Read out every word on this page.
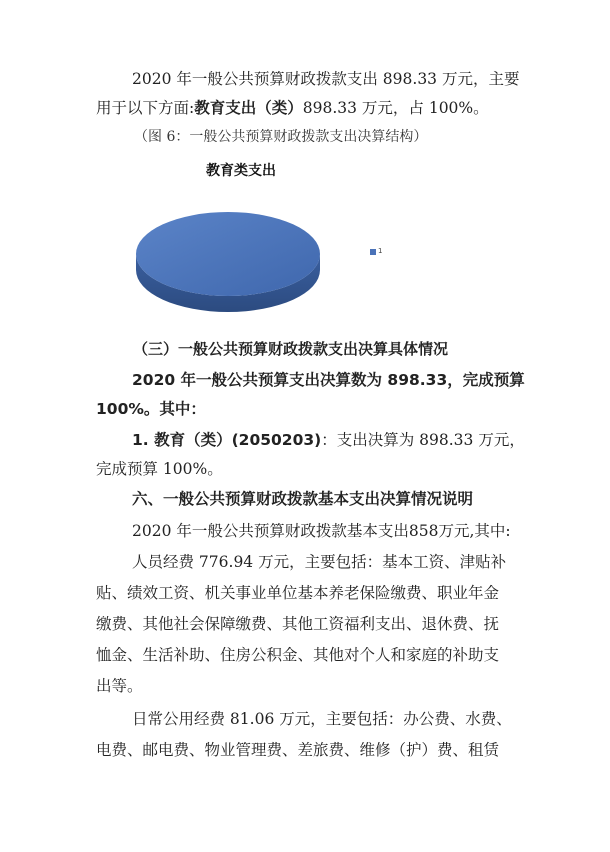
2020 年一般公共预算财政拨款支出 898.33 万元，主要
用于以下方面:教育支出（类）898.33 万元，占 100%。
（图 6：一般公共预算财政拨款支出决算结构）
教育类支出
1
（三）一般公共预算财政拨款支出决算具体情况
2020 年一般公共预算支出决算数为 898.33，完成预算
100%。其中：
1. 教育（类）(2050203)：支出决算为 898.33 万元，
完成预算 100%。
六、一般公共预算财政拨款基本支出决算情况说明
2020 年一般公共预算财政拨款基本支出858万元,其中:
人员经费 776.94 万元，主要包括：基本工资、津贴补
贴、绩效工资、机关事业单位基本养老保险缴费、职业年金
缴费、其他社会保障缴费、其他工资福利支出、退休费、抚
恤金、生活补助、住房公积金、其他对个人和家庭的补助支
出等。
日常公用经费 81.06 万元，主要包括：办公费、水费、
电费、邮电费、物业管理费、差旅费、维修（护）费、租赁
